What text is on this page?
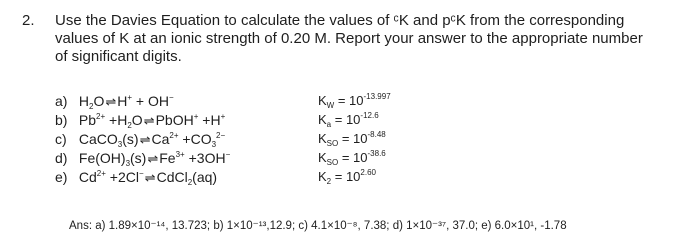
2. Use the Davies Equation to calculate the values of ᶜK and pᶜK from the corresponding
values of K at an ionic strength of 0.20 M. Report your answer to the appropriate number
of significant digits.
a) $H_2O\rightleftharpoons H^+ + OH^-$	$K_W = 10^{-13.997}$
b) $Pb^{2+}$ $+H_2O\rightleftharpoons PbOH^+ +H^+$	$K_a = 10^{-12.6}$
c) $CaCO_3(s)\rightleftharpoons Ca^{2+} +CO_3^{2-}$	$K_{SO} = 10^{-8.48}$
d) $Fe(OH)_3(s)\rightleftharpoons Fe^{3+} +3OH^-$	$K_{SO} = 10^{-38.6}$
e) $Cd^{2+}$ +2Cl−⇌CdCl$_2$(aq)	$K_2 = 10^{2.60}$
Ans: a) 1.89×10⁻¹⁴, 13.723; b) 1×10⁻¹³,12.9; c) 4.1×10⁻⁸, 7.38; d) 1×10⁻³⁷, 37.0; e) 6.0×10¹, -1.78
